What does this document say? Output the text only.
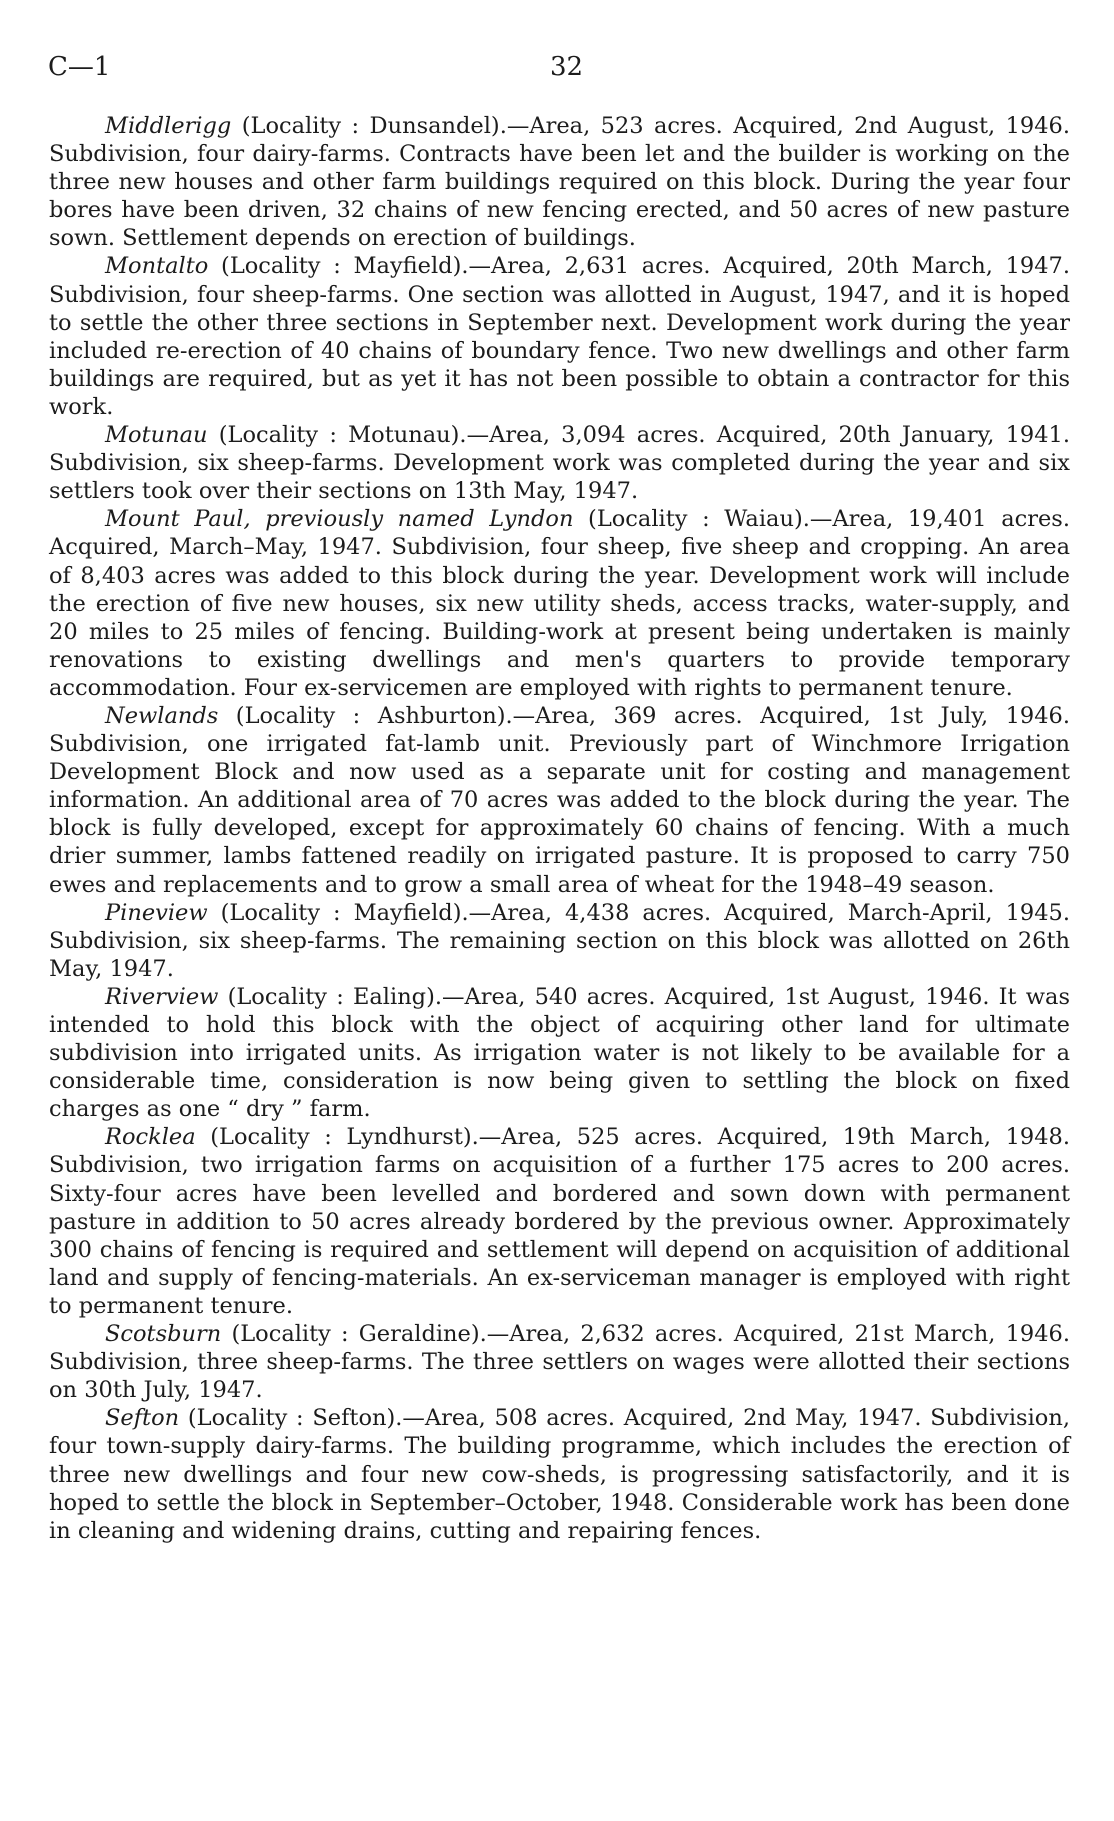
C—1	32

Middlerigg (Locality : Dunsandel).—Area, 523 acres. Acquired, 2nd August, 1946. Subdivision, four dairy-farms. Contracts have been let and the builder is working on the three new houses and other farm buildings required on this block. During the year four bores have been driven, 32 chains of new fencing erected, and 50 acres of new pasture sown. Settlement depends on erection of buildings.

Montalto (Locality : Mayfield).—Area, 2,631 acres. Acquired, 20th March, 1947. Subdivision, four sheep-farms. One section was allotted in August, 1947, and it is hoped to settle the other three sections in September next. Development work during the year included re-erection of 40 chains of boundary fence. Two new dwellings and other farm buildings are required, but as yet it has not been possible to obtain a contractor for this work.

Motunau (Locality : Motunau).—Area, 3,094 acres. Acquired, 20th January, 1941. Subdivision, six sheep-farms. Development work was completed during the year and six settlers took over their sections on 13th May, 1947.

Mount Paul, previously named Lyndon (Locality : Waiau).—Area, 19,401 acres. Acquired, March–May, 1947. Subdivision, four sheep, five sheep and cropping. An area of 8,403 acres was added to this block during the year. Development work will include the erection of five new houses, six new utility sheds, access tracks, water-supply, and 20 miles to 25 miles of fencing. Building-work at present being undertaken is mainly renovations to existing dwellings and men's quarters to provide temporary accommodation. Four ex-servicemen are employed with rights to permanent tenure.

Newlands (Locality : Ashburton).—Area, 369 acres. Acquired, 1st July, 1946. Subdivision, one irrigated fat-lamb unit. Previously part of Winchmore Irrigation Development Block and now used as a separate unit for costing and management information. An additional area of 70 acres was added to the block during the year. The block is fully developed, except for approximately 60 chains of fencing. With a much drier summer, lambs fattened readily on irrigated pasture. It is proposed to carry 750 ewes and replacements and to grow a small area of wheat for the 1948–49 season.

Pineview (Locality : Mayfield).—Area, 4,438 acres. Acquired, March-April, 1945. Subdivision, six sheep-farms. The remaining section on this block was allotted on 26th May, 1947.

Riverview (Locality : Ealing).—Area, 540 acres. Acquired, 1st August, 1946. It was intended to hold this block with the object of acquiring other land for ultimate subdivision into irrigated units. As irrigation water is not likely to be available for a considerable time, consideration is now being given to settling the block on fixed charges as one “ dry ” farm.

Rocklea (Locality : Lyndhurst).—Area, 525 acres. Acquired, 19th March, 1948. Subdivision, two irrigation farms on acquisition of a further 175 acres to 200 acres. Sixty-four acres have been levelled and bordered and sown down with permanent pasture in addition to 50 acres already bordered by the previous owner. Approximately 300 chains of fencing is required and settlement will depend on acquisition of additional land and supply of fencing-materials. An ex-serviceman manager is employed with right to permanent tenure.

Scotsburn (Locality : Geraldine).—Area, 2,632 acres. Acquired, 21st March, 1946. Subdivision, three sheep-farms. The three settlers on wages were allotted their sections on 30th July, 1947.

Sefton (Locality : Sefton).—Area, 508 acres. Acquired, 2nd May, 1947. Subdivision, four town-supply dairy-farms. The building programme, which includes the erection of three new dwellings and four new cow-sheds, is progressing satisfactorily, and it is hoped to settle the block in September–October, 1948. Considerable work has been done in cleaning and widening drains, cutting and repairing fences.
